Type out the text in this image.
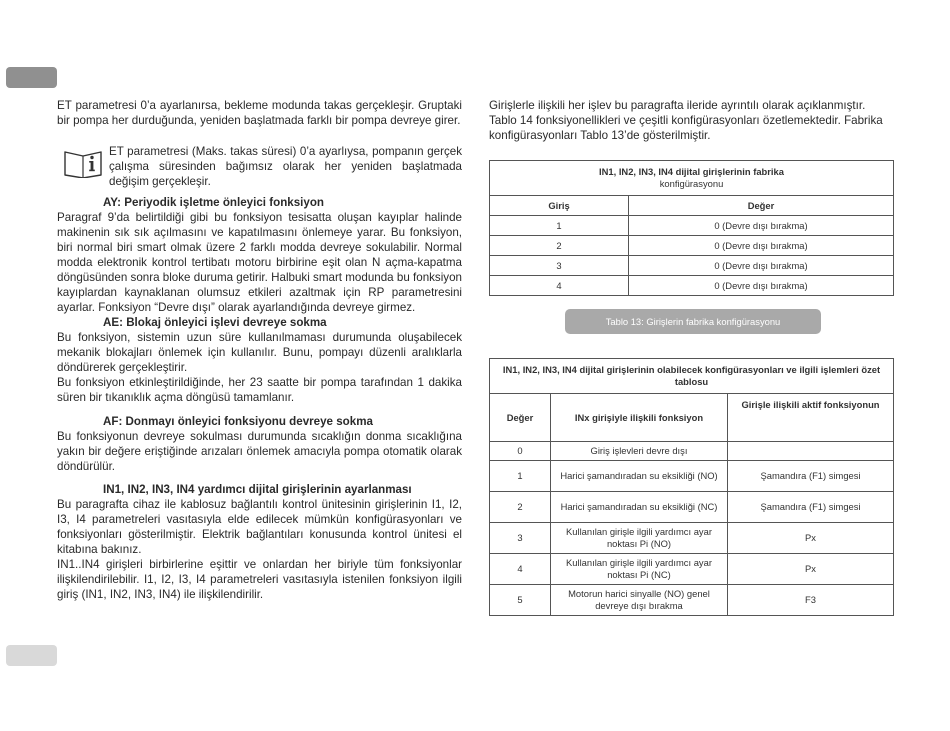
ET parametresi 0’a ayarlanırsa, bekleme modunda takas gerçekleşir. Gruptaki bir pompa her durduğunda, yeniden başlatmada farklı bir pompa devreye girer.

ET parametresi (Maks. takas süresi) 0’a ayarlıysa, pompanın gerçek çalışma süresinden bağımsız olarak her yeniden başlatmada değişim gerçekleşir.

AY: Periyodik işletme önleyici fonksiyon

Paragraf 9’da belirtildiği gibi bu fonksiyon tesisatta oluşan kayıplar halinde makinenin sık sık açılmasını ve kapatılmasını önlemeye yarar. Bu fonksiyon, biri normal biri smart olmak üzere 2 farklı modda devreye sokulabilir. Normal modda elektronik kontrol tertibatı motoru birbirine eşit olan N açma-kapatma döngüsünden sonra bloke duruma getirir. Halbuki smart modunda bu fonksiyon kayıplardan kaynaklanan olumsuz etkileri azaltmak için RP parametresini ayarlar. Fonksiyon “Devre dışı” olarak ayarlandığında devreye girmez.

AE: Blokaj önleyici işlevi devreye sokma

Bu fonksiyon, sistemin uzun süre kullanılmaması durumunda oluşabilecek mekanik blokajları önlemek için kullanılır. Bunu, pompayı düzenli aralıklarla döndürerek gerçekleştirir.

Bu fonksiyon etkinleştirildiğinde, her 23 saatte bir pompa tarafından 1 dakika süren bir tıkanıklık açma döngüsü tamamlanır.

AF: Donmayı önleyici fonksiyonu devreye sokma

Bu fonksiyonun devreye sokulması durumunda sıcaklığın donma sıcaklığına yakın bir değere eriştiğinde arızaları önlemek amacıyla pompa otomatik olarak döndürülür.

IN1, IN2, IN3, IN4 yardımcı dijital girişlerinin ayarlanması

Bu paragrafta cihaz ile kablosuz bağlantılı kontrol ünitesinin girişlerinin I1, I2, I3, I4 parametreleri vasıtasıyla elde edilecek mümkün konfigürasyonları ve fonksiyonları gösterilmiştir. Elektrik bağlantıları konusunda kontrol ünitesi el kitabına bakınız.

IN1..IN4 girişleri birbirlerine eşittir ve onlardan her biriyle tüm fonksiyonlar ilişkilendirilebilir. I1, I2, I3, I4 parametreleri vasıtasıyla istenilen fonksiyon ilgili giriş (IN1, IN2, IN3, IN4) ile ilişkilendirilir.

Girişlerle ilişkili her işlev bu paragrafta ileride ayrıntılı olarak açıklanmıştır. Tablo 14 fonksiyonellikleri ve çeşitli konfigürasyonları özetlemektedir. Fabrika konfigürasyonları Tablo 13’de gösterilmiştir.

IN1, IN2, IN3, IN4 dijital girişlerinin fabrika
konfigürasyonu	
Giriş	Değer
1	0 (Devre dışı bırakma)
2	0 (Devre dışı bırakma)
3	0 (Devre dışı bırakma)
4	0 (Devre dışı bırakma)
Tablo 13: Girişlerin fabrika konfigürasyonu
IN1, IN2, IN3, IN4 dijital girişlerinin olabilecek konfigürasyonları ve ilgili işlemleri özet tablosu		
Değer	INx girişiyle ilişkili fonksiyon	Girişle ilişkili aktif fonksiyonun
0	Giriş işlevleri devre dışı	
1	Harici şamandıradan su eksikliği (NO)	Şamandıra (F1) simgesi
2	Harici şamandıradan su eksikliği (NC)	Şamandıra (F1) simgesi
3	Kullanılan girişle ilgili yardımcı ayar noktası Pi (NO)	Px
4	Kullanılan girişle ilgili yardımcı ayar noktası Pi (NC)	Px
5	Motorun harici sinyalle (NO) genel devreye dışı bırakma	F3
